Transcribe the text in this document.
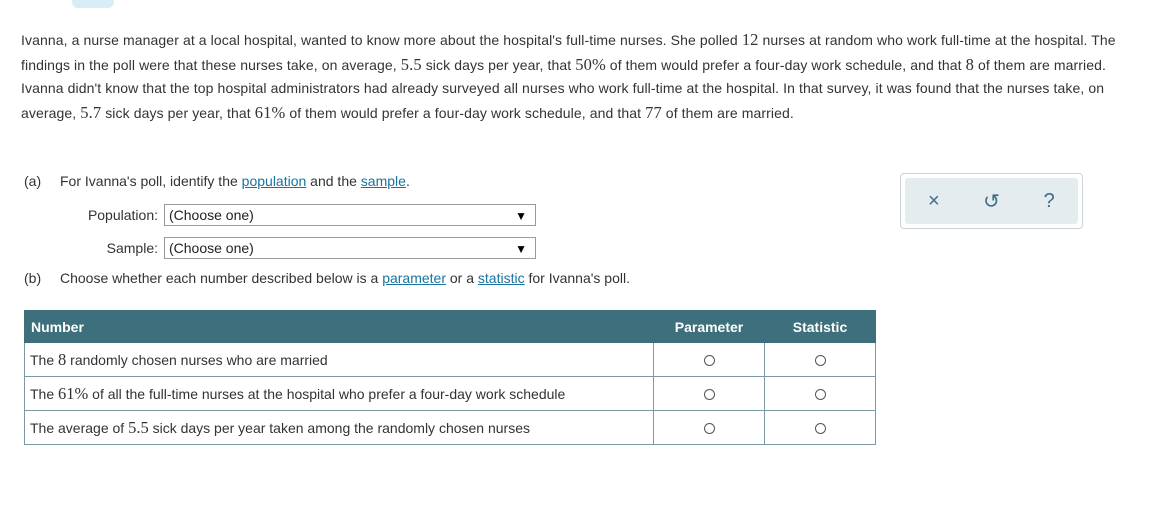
Ivanna, a nurse manager at a local hospital, wanted to know more about the hospital's full-time nurses. She polled 12 nurses at random who work full-time at the hospital. The findings in the poll were that these nurses take, on average, 5.5 sick days per year, that 50% of them would prefer a four-day work schedule, and that 8 of them are married. Ivanna didn't know that the top hospital administrators had already surveyed all nurses who work full-time at the hospital. In that survey, it was found that the nurses take, on average, 5.7 sick days per year, that 61% of them would prefer a four-day work schedule, and that 77 of them are married.
(a) For Ivanna's poll, identify the population and the sample.
Population: (Choose one)	▼
Sample: (Choose one)	▼
×	↺	?
(b) Choose whether each number described below is a parameter or a statistic for Ivanna's poll.
Number	Parameter	Statistic
The 8 randomly chosen nurses who are married		
The 61% of all the full-time nurses at the hospital who prefer a four-day work schedule		
The average of 5.5 sick days per year taken among the randomly chosen nurses		
